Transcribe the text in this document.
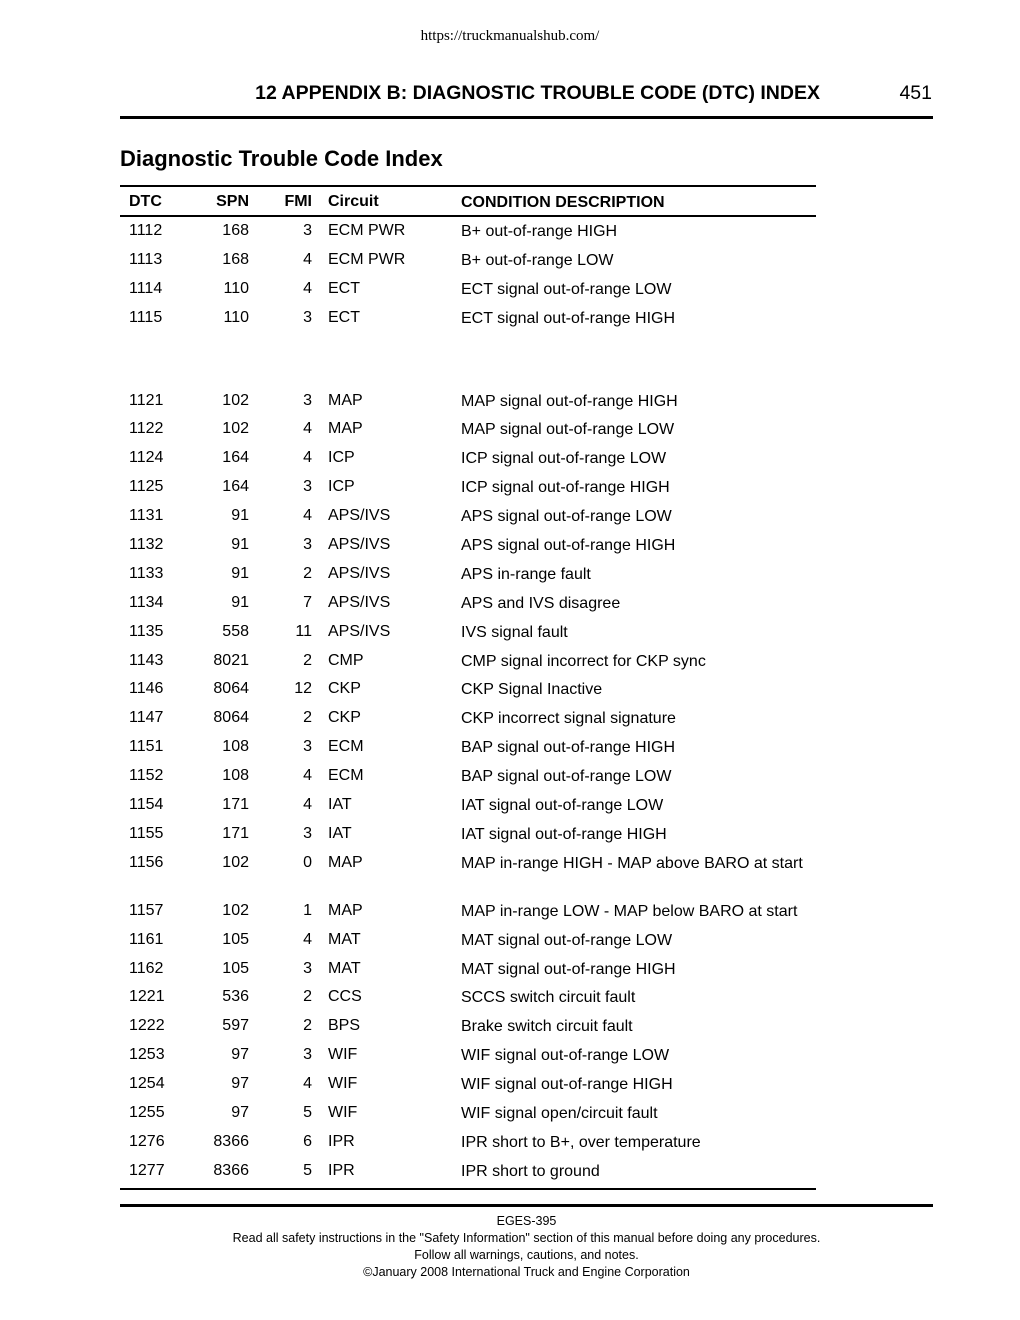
https://truckmanualshub.com/
12 APPENDIX B: DIAGNOSTIC TROUBLE CODE (DTC) INDEX	451
Diagnostic Trouble Code Index
DTC	SPN	FMI Circuit	CONDITION DESCRIPTION
1112	168	3 ECM PWR	B+ out-of-range HIGH
1113	168	4 ECM PWR	B+ out-of-range LOW
1114	110	4 ECT	ECT signal out-of-range LOW
1115	110	3 ECT	ECT signal out-of-range HIGH
1121	102	3 MAP	MAP signal out-of-range HIGH
1122	102	4 MAP	MAP signal out-of-range LOW
1124	164	4 ICP	ICP signal out-of-range LOW
1125	164	3 ICP	ICP signal out-of-range HIGH
1131	91	4 APS/IVS	APS signal out-of-range LOW
1132	91	3 APS/IVS	APS signal out-of-range HIGH
1133	91	2 APS/IVS	APS in-range fault
1134	91	7 APS/IVS	APS and IVS disagree
1135	558	11 APS/IVS	IVS signal fault
1143	8021	2 CMP	CMP signal incorrect for CKP sync
1146	8064	12 CKP	CKP Signal Inactive
1147	8064	2 CKP	CKP incorrect signal signature
1151	108	3 ECM	BAP signal out-of-range HIGH
1152	108	4 ECM	BAP signal out-of-range LOW
1154	171	4 IAT	IAT signal out-of-range LOW
1155	171	3 IAT	IAT signal out-of-range HIGH
1156	102	0 MAP	MAP in-range HIGH - MAP above BARO at start
1157	102	1 MAP	MAP in-range LOW - MAP below BARO at start
1161	105	4 MAT	MAT signal out-of-range LOW
1162	105	3 MAT	MAT signal out-of-range HIGH
1221	536	2 CCS	SCCS switch circuit fault
1222	597	2 BPS	Brake switch circuit fault
1253	97	3 WIF	WIF signal out-of-range LOW
1254	97	4 WIF	WIF signal out-of-range HIGH
1255	97	5 WIF	WIF signal open/circuit fault
1276	8366	6 IPR	IPR short to B+, over temperature
1277	8366	5 IPR	IPR short to ground
EGES-395
Read all safety instructions in the "Safety Information" section of this manual before doing any procedures.
Follow all warnings, cautions, and notes.
©January 2008 International Truck and Engine Corporation
